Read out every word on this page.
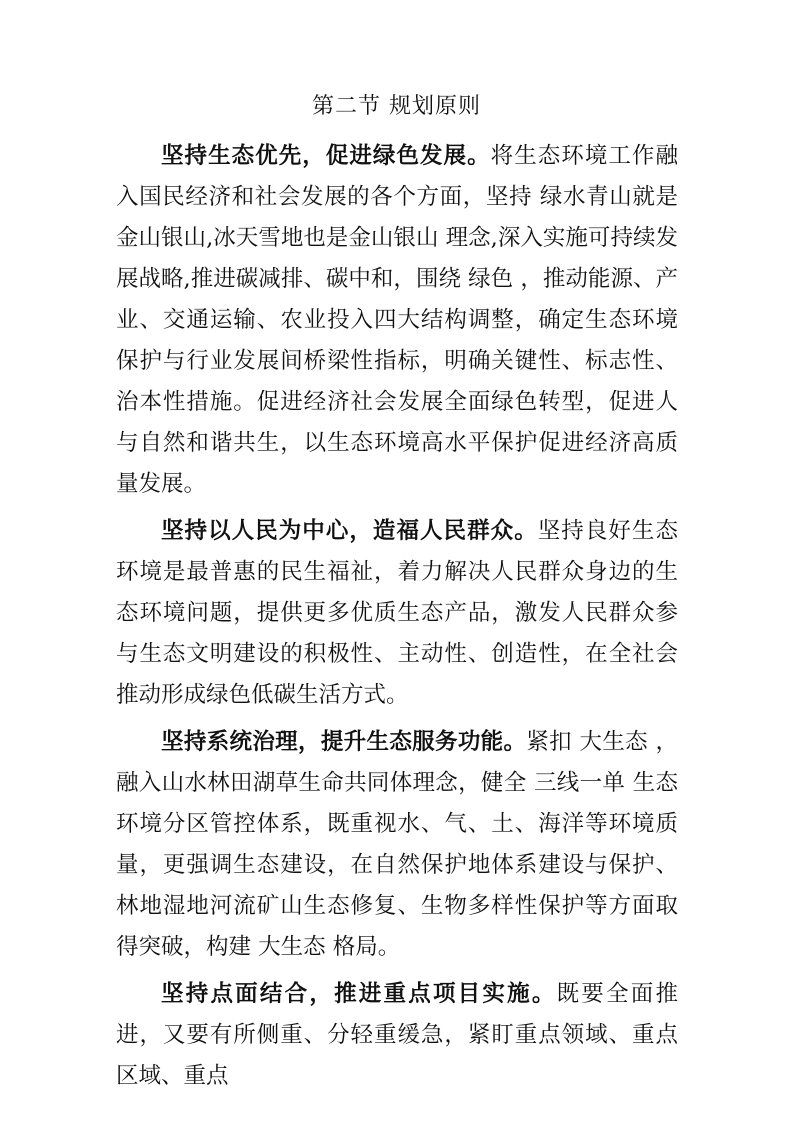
第二节 规划原则

坚持生态优先，促进绿色发展。将生态环境工作融入国民经济和社会发展的各个方面，坚持 绿水青山就是金山银山,冰天雪地也是金山银山 理念,深入实施可持续发展战略,推进碳减排、碳中和，围绕 绿色 ，推动能源、产业、交通运输、农业投入四大结构调整，确定生态环境保护与行业发展间桥梁性指标，明确关键性、标志性、治本性措施。促进经济社会发展全面绿色转型，促进人与自然和谐共生，以生态环境高水平保护促进经济高质量发展。

坚持以人民为中心，造福人民群众。坚持良好生态环境是最普惠的民生福祉，着力解决人民群众身边的生态环境问题，提供更多优质生态产品，激发人民群众参与生态文明建设的积极性、主动性、创造性，在全社会推动形成绿色低碳生活方式。

坚持系统治理，提升生态服务功能。紧扣 大生态 ，融入山水林田湖草生命共同体理念，健全 三线一单 生态环境分区管控体系，既重视水、气、土、海洋等环境质量，更强调生态建设，在自然保护地体系建设与保护、林地湿地河流矿山生态修复、生物多样性保护等方面取得突破，构建 大生态 格局。

坚持点面结合，推进重点项目实施。既要全面推进，又要有所侧重、分轻重缓急，紧盯重点领域、重点区域、重点
